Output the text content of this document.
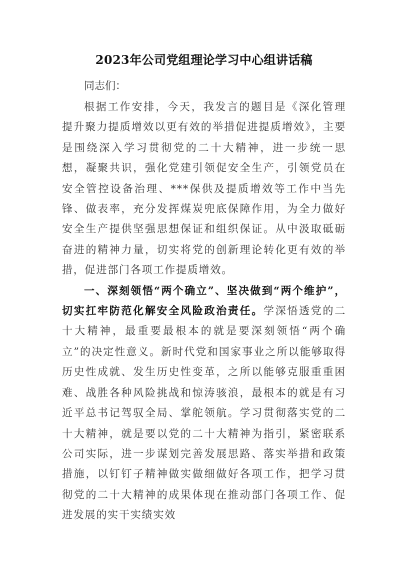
2023年公司党组理论学习中心组讲话稿

同志们：

根据工作安排，今天，我发言的题目是《深化管理提升聚力提质增效以更有效的举措促进提质增效》，主要是围绕深入学习贯彻党的二十大精神，进一步统一思想，凝聚共识，强化党建引领促安全生产，引领党员在安全管控设备治理、***保供及提质增效等工作中当先锋、做表率，充分发挥煤炭兜底保障作用，为全力做好安全生产提供坚强思想保证和组织保证。从中汲取砥砺奋进的精神力量，切实将党的创新理论转化更有效的举措，促进部门各项工作提质增效。

一、深刻领悟“两个确立”、坚决做到“两个维护”，切实扛牢防范化解安全风险政治责任。学深悟透党的二十大精神，最重要最根本的就是要深刻领悟“两个确立”的决定性意义。新时代党和国家事业之所以能够取得历史性成就、发生历史性变革，之所以能够克服重重困难、战胜各种风险挑战和惊涛骇浪，最根本的就是有习近平总书记驾驭全局、掌舵领航。学习贯彻落实党的二十大精神，就是要以党的二十大精神为指引，紧密联系公司实际，进一步谋划完善发展思路、落实举措和政策措施，以钉钉子精神做实做细做好各项工作，把学习贯彻党的二十大精神的成果体现在推动部门各项工作、促进发展的实干实绩实效
